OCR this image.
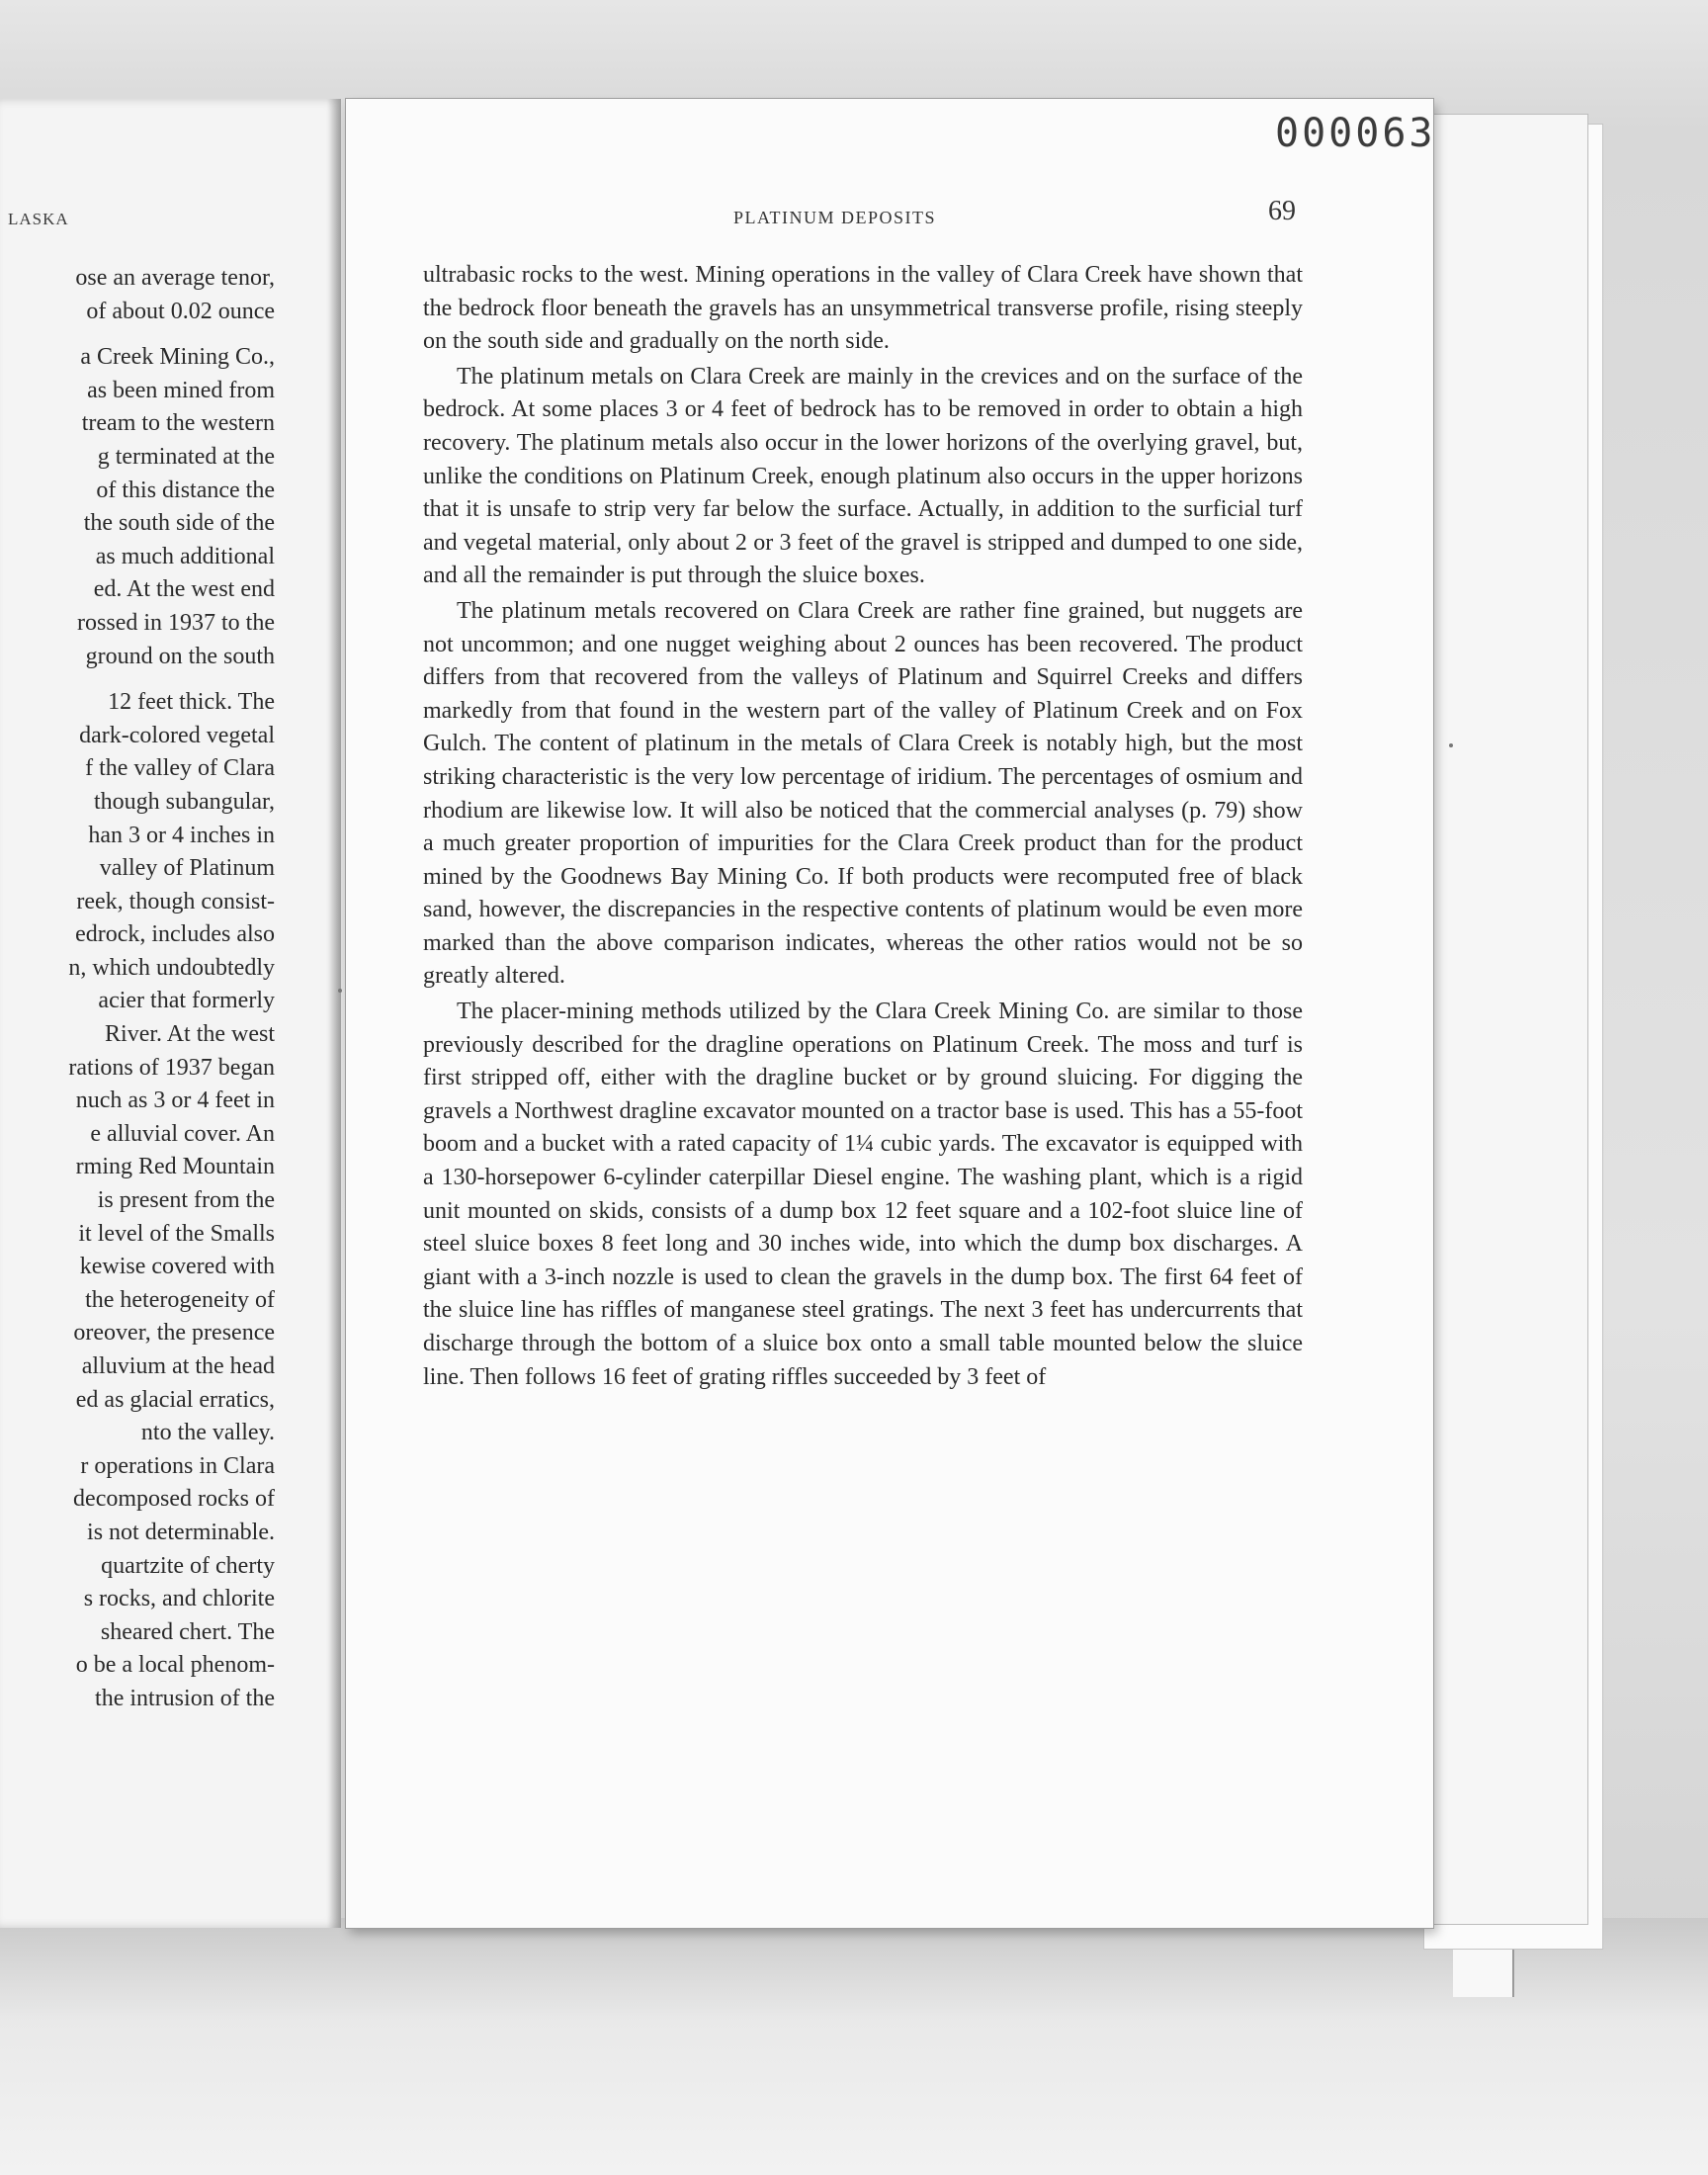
LASKA
ose an average tenor,
of about 0.02 ounce
a Creek Mining Co.,
as been mined from
tream to the western
g terminated at the
of this distance the
the south side of the
as much additional
ed. At the west end
rossed in 1937 to the
ground on the south
12 feet thick. The
dark-colored vegetal
f the valley of Clara
though subangular,
han 3 or 4 inches in
valley of Platinum
reek, though consist-
edrock, includes also
n, which undoubtedly
acier that formerly
River. At the west
rations of 1937 began
nuch as 3 or 4 feet in
e alluvial cover. An
rming Red Mountain
is present from the
it level of the Smalls
kewise covered with
the heterogeneity of
oreover, the presence
alluvium at the head
ed as glacial erratics,
nto the valley.
r operations in Clara
decomposed rocks of
is not determinable.
quartzite of cherty
s rocks, and chlorite
sheared chert. The
o be a local phenom-
the intrusion of the
000063
PLATINUM DEPOSITS	69

ultrabasic rocks to the west. Mining operations in the valley of Clara Creek have shown that the bedrock floor beneath the gravels has an unsymmetrical transverse profile, rising steeply on the south side and gradually on the north side.

The platinum metals on Clara Creek are mainly in the crevices and on the surface of the bedrock. At some places 3 or 4 feet of bedrock has to be removed in order to obtain a high recovery. The platinum metals also occur in the lower horizons of the overlying gravel, but, unlike the conditions on Platinum Creek, enough platinum also occurs in the upper horizons that it is unsafe to strip very far below the surface. Actually, in addition to the surficial turf and vegetal material, only about 2 or 3 feet of the gravel is stripped and dumped to one side, and all the remainder is put through the sluice boxes.

The platinum metals recovered on Clara Creek are rather fine grained, but nuggets are not uncommon; and one nugget weighing about 2 ounces has been recovered. The product differs from that recovered from the valleys of Platinum and Squirrel Creeks and differs markedly from that found in the western part of the valley of Platinum Creek and on Fox Gulch. The content of platinum in the metals of Clara Creek is notably high, but the most striking characteristic is the very low percentage of iridium. The percentages of osmium and rhodium are likewise low. It will also be noticed that the commercial analyses (p. 79) show a much greater proportion of impurities for the Clara Creek product than for the product mined by the Goodnews Bay Mining Co. If both products were recomputed free of black sand, however, the discrepancies in the respective contents of platinum would be even more marked than the above comparison indicates, whereas the other ratios would not be so greatly altered.

The placer-mining methods utilized by the Clara Creek Mining Co. are similar to those previously described for the dragline operations on Platinum Creek. The moss and turf is first stripped off, either with the dragline bucket or by ground sluicing. For digging the gravels a Northwest dragline excavator mounted on a tractor base is used. This has a 55-foot boom and a bucket with a rated capacity of 1¼ cubic yards. The excavator is equipped with a 130-horsepower 6-cylinder caterpillar Diesel engine. The washing plant, which is a rigid unit mounted on skids, consists of a dump box 12 feet square and a 102-foot sluice line of steel sluice boxes 8 feet long and 30 inches wide, into which the dump box discharges. A giant with a 3-inch nozzle is used to clean the gravels in the dump box. The first 64 feet of the sluice line has riffles of manganese steel gratings. The next 3 feet has undercurrents that discharge through the bottom of a sluice box onto a small table mounted below the sluice line. Then follows 16 feet of grating riffles succeeded by 3 feet of
